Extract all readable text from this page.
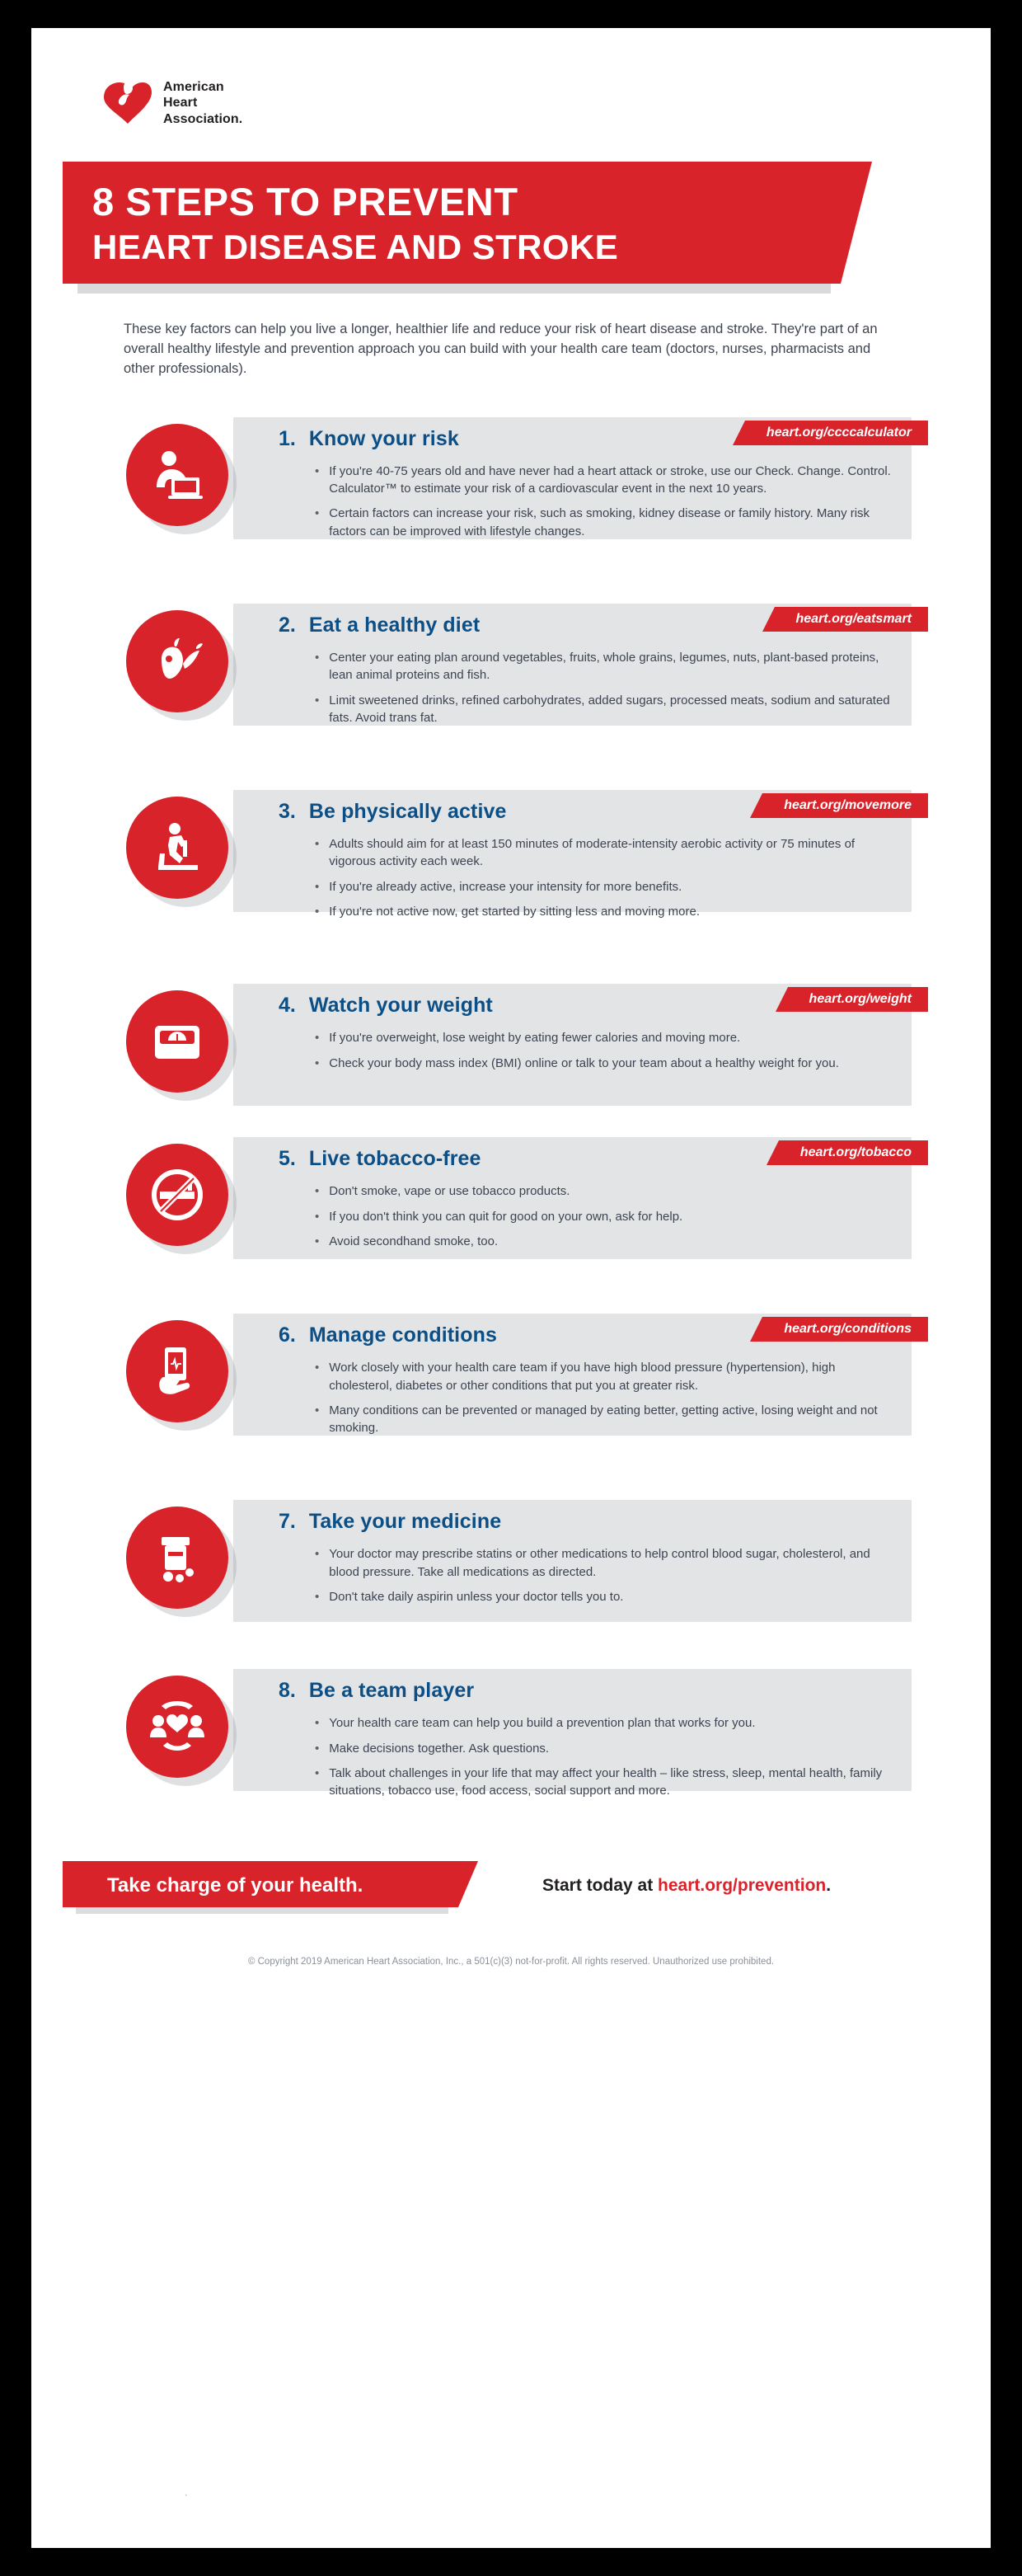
American
Heart
Association.
8 STEPS TO PREVENT
HEART DISEASE AND STROKE

These key factors can help you live a longer, healthier life and reduce your risk of heart disease and stroke. They're part of an overall healthy lifestyle and prevention approach you can build with your health care team (doctors, nurses, pharmacists and other professionals).

heart.org/ccccalculator
1. Know your risk
• If you're 40-75 years old and have never had a heart attack or stroke, use our Check. Change. Control. Calculator™ to estimate your risk of a cardiovascular event in the next 10 years.
• Certain factors can increase your risk, such as smoking, kidney disease or family history. Many risk factors can be improved with lifestyle changes.
heart.org/eatsmart
2. Eat a healthy diet
• Center your eating plan around vegetables, fruits, whole grains, legumes, nuts, plant-based proteins, lean animal proteins and fish.
• Limit sweetened drinks, refined carbohydrates, added sugars, processed meats, sodium and saturated fats. Avoid trans fat.
heart.org/movemore
3. Be physically active
• Adults should aim for at least 150 minutes of moderate-intensity aerobic activity or 75 minutes of vigorous activity each week.
• If you're already active, increase your intensity for more benefits.
• If you're not active now, get started by sitting less and moving more.
heart.org/weight
4. Watch your weight
• If you're overweight, lose weight by eating fewer calories and moving more.
• Check your body mass index (BMI) online or talk to your team about a healthy weight for you.
heart.org/tobacco
5. Live tobacco-free
• Don't smoke, vape or use tobacco products.
• If you don't think you can quit for good on your own, ask for help.
• Avoid secondhand smoke, too.
heart.org/conditions
6. Manage conditions
• Work closely with your health care team if you have high blood pressure (hypertension), high cholesterol, diabetes or other conditions that put you at greater risk.
• Many conditions can be prevented or managed by eating better, getting active, losing weight and not smoking.
7. Take your medicine
• Your doctor may prescribe statins or other medications to help control blood sugar, cholesterol, and blood pressure. Take all medications as directed.
• Don't take daily aspirin unless your doctor tells you to.
8. Be a team player
• Your health care team can help you build a prevention plan that works for you.
• Make decisions together. Ask questions.
• Talk about challenges in your life that may affect your health – like stress, sleep, mental health, family situations, tobacco use, food access, social support and more.
Take charge of your health.	Start today at heart.org/prevention.
·
© Copyright 2019 American Heart Association, Inc., a 501(c)(3) not-for-profit. All rights reserved. Unauthorized use prohibited.
